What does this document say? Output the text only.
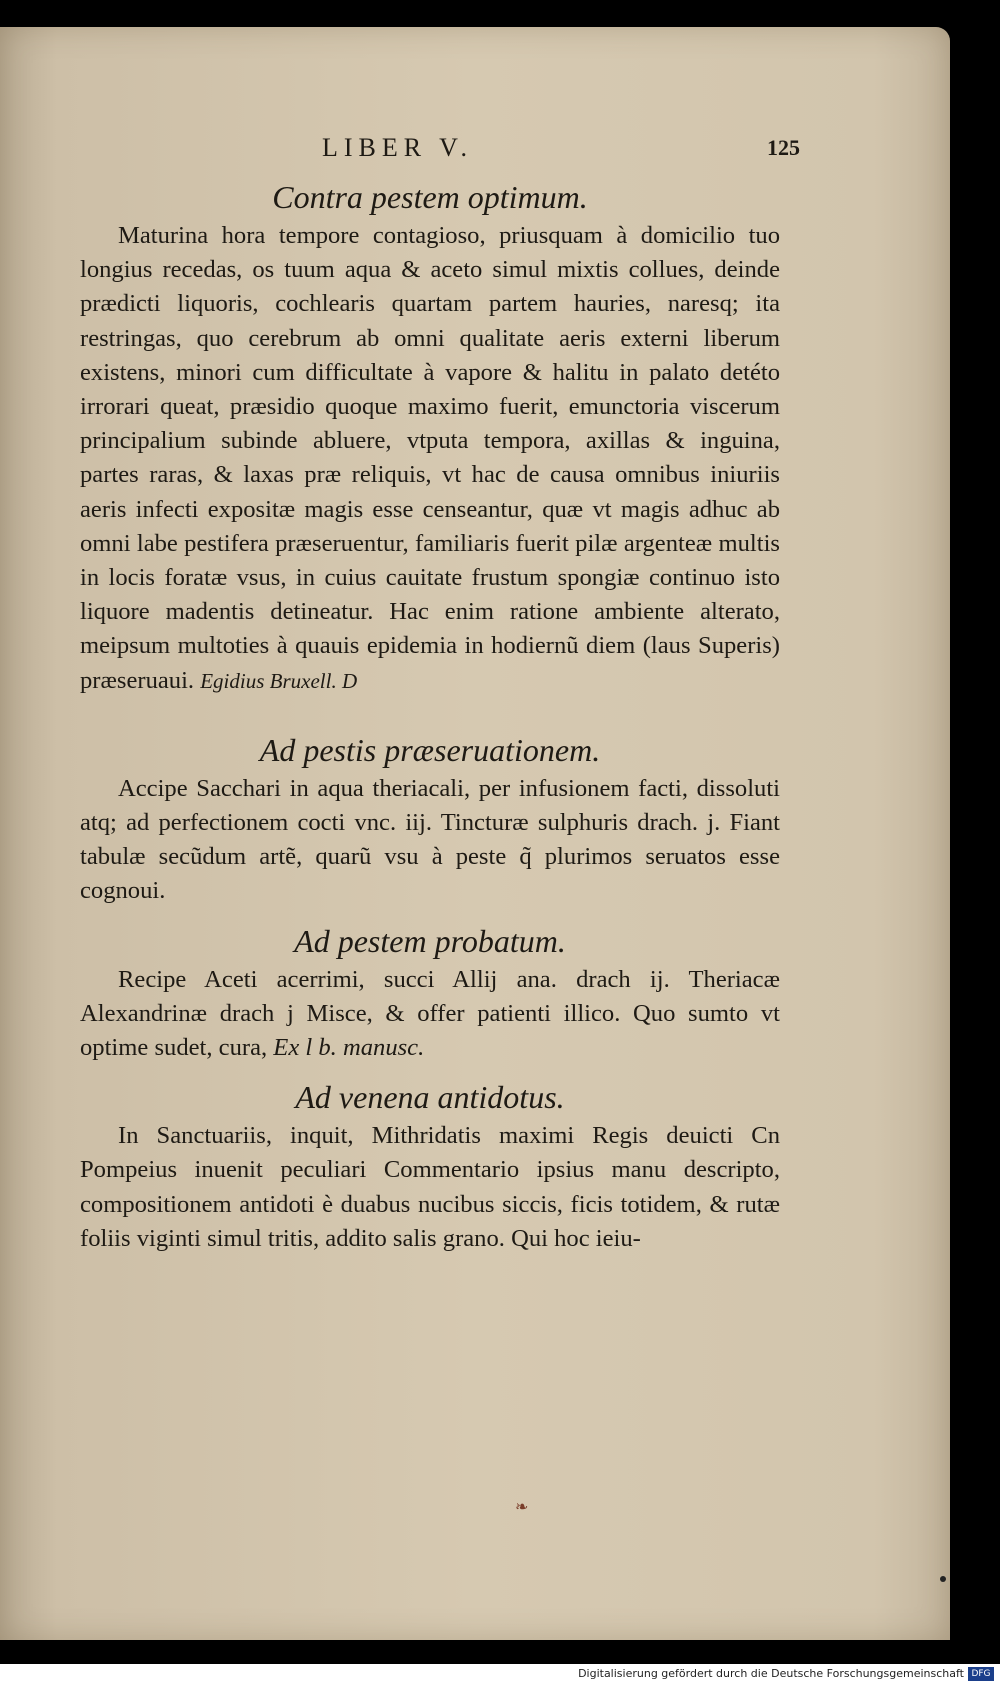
LIBER V.	125
Contra pestem optimum.

Maturina hora tempore contagioso, priusquam à domicilio tuo longius recedas, os tuum aqua & aceto simul mixtis collues, deinde prædicti liquoris, cochlearis quartam partem hauries, naresq; ita restringas, quo cerebrum ab omni qualitate aeris externi liberum existens, minori cum difficultate à vapore & halitu in palato detéto irrorari queat, præsidio quoque maximo fuerit, emunctoria viscerum principalium subinde abluere, vtputa tempora, axillas & inguina, partes raras, & laxas præ reliquis, vt hac de causa omnibus iniuriis aeris infecti expositæ magis esse censeantur, quæ vt magis adhuc ab omni labe pestifera præseruentur, familiaris fuerit pilæ argenteæ multis in locis foratæ vsus, in cuius cauitate frustum spongiæ continuo isto liquore madentis detineatur. Hac enim ratione ambiente alterato, meipsum multoties à quauis epidemia in hodiernũ diem (laus Superis) præseruaui. Egidius Bruxell. D

Ad pestis præseruationem.

Accipe Sacchari in aqua theriacali, per infusionem facti, dissoluti atq; ad perfectionem cocti vnc. iij. Tincturæ sulphuris drach. j. Fiant tabulæ secũdum artẽ, quarũ vsu à peste q̃ plurimos seruatos esse cognoui.

Ad pestem probatum.

Recipe Aceti acerrimi, succi Allij ana. drach ij. Theriacæ Alexandrinæ drach j Misce, & offer patienti illico. Quo sumto vt optime sudet, cura, Ex l b. manusc.

Ad venena antidotus.

In Sanctuariis, inquit, Mithridatis maximi Regis deuicti Cn Pompeius inuenit peculiari Commentario ipsius manu descripto, compositionem antidoti è duabus nucibus siccis, ficis totidem, & rutæ foliis viginti simul tritis, addito salis grano. Qui hoc ieiu-

❧
Digitalisierung gefördert durch die Deutsche Forschungsgemeinschaft DFG
